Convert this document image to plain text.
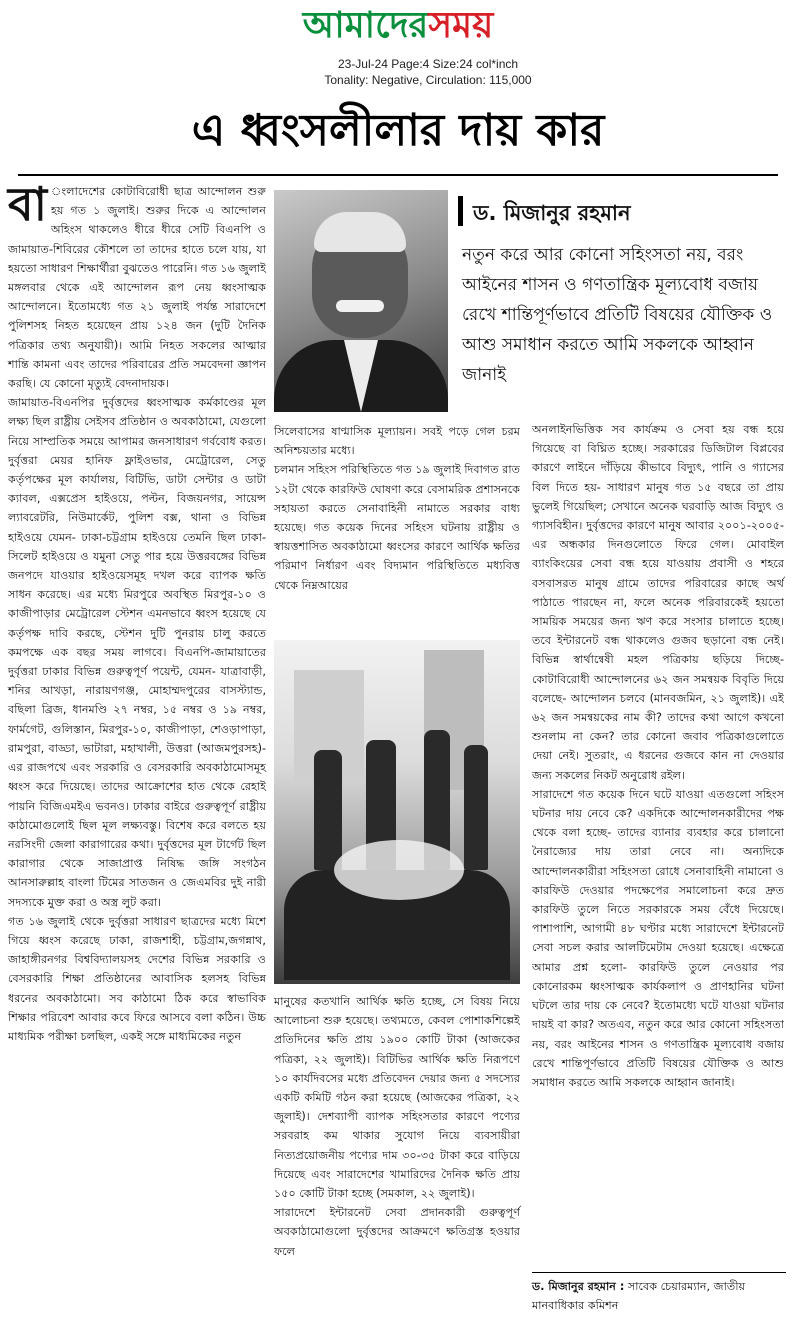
আমাদের সময়
23-Jul-24 Page:4 Size:24 col*inch
Tonality: Negative, Circulation: 115,000
এ ধ্বংসলীলার দায় কার

বা ংলাদেশের কোটাবিরোধী ছাত্র আন্দোলন শুরু হয় গত ১ জুলাই। শুরুর দিকে এ আন্দোলন অহিংস থাকলেও ধীরে ধীরে সেটি বিএনপি ও জামায়াত-শিবিরের কৌশলে তা তাদের হাতে চলে যায়, যা হয়তো সাধারণ শিক্ষার্থীরা বুঝতেও পারেনি। গত ১৬ জুলাই মঙ্গলবার থেকে এই আন্দোলন রূপ নেয় ধ্বংসাত্মক আন্দোলনে। ইতোমধ্যে গত ২১ জুলাই পর্যন্ত সারাদেশে পুলিশসহ নিহত হয়েছেন প্রায় ১২৪ জন (দুটি দৈনিক পত্রিকার তথ্য অনুযায়ী)। আমি নিহত সকলের আত্মার শান্তি কামনা এবং তাদের পরিবারের প্রতি সমবেদনা জ্ঞাপন করছি। যে কোনো মৃত্যুই বেদনাদায়ক।

জামায়াত-বিএনপির দুর্বৃত্তদের ধ্বংসাত্মক কর্মকাণ্ডের মূল লক্ষ্য ছিল রাষ্ট্রীয় সেইসব প্রতিষ্ঠান ও অবকাঠামো, যেগুলো নিয়ে সাম্প্রতিক সময়ে আপামর জনসাধারণ গর্ববোধ করত। দুর্বৃত্তরা মেয়র হানিফ ফ্লাইওভার, মেট্রোরেল, সেতু কর্তৃপক্ষের মূল কার্যালয়, বিটিভি, ডাটা সেন্টার ও ডাটা ক্যাবল, এক্সপ্রেস হাইওয়ে, পল্টন, বিজয়নগর, সায়েন্স ল্যাবরেটরি, নিউমার্কেট, পুলিশ বক্স, থানা ও বিভিন্ন হাইওয়ে যেমন- ঢাকা-চট্টগ্রাম হাইওয়ে তেমনি ছিল ঢাকা-সিলেট হাইওয়ে ও যমুনা সেতু পার হয়ে উত্তরবঙ্গের বিভিন্ন জনপদে যাওয়ার হাইওয়েসমূহ দখল করে ব্যাপক ক্ষতি সাধন করেছে। এর মধ্যে মিরপুরে অবস্থিত মিরপুর-১০ ও কাজীপাড়ার মেট্রোরেল স্টেশন এমনভাবে ধ্বংস হয়েছে যে কর্তৃপক্ষ দাবি করছে, স্টেশন দুটি পুনরায় চালু করতে কমপক্ষে এক বছর সময় লাগবে। বিএনপি-জামায়াতের দুর্বৃত্তরা ঢাকার বিভিন্ন গুরুত্বপূর্ণ পয়েন্ট, যেমন- যাত্রাবাড়ী, শনির আখড়া, নারায়ণগঞ্জ, মোহাম্মদপুরের বাসস্ট্যান্ড, বছিলা ব্রিজ, ধানমণ্ডি ২৭ নম্বর, ১৫ নম্বর ও ১৯ নম্বর, ফার্মগেট, গুলিস্তান, মিরপুর-১০, কাজীপাড়া, শেওড়াপাড়া, রামপুরা, বাড্ডা, ভাটারা, মহাখালী, উত্তরা (আজমপুরসহ)-এর রাজপথে এবং সরকারি ও বেসরকারি অবকাঠামোসমূহ ধ্বংস করে দিয়েছে। তাদের আক্রোশের হাত থেকে রেহাই পায়নি বিজিএমইএ ভবনও। ঢাকার বাইরে গুরুত্বপূর্ণ রাষ্ট্রীয় কাঠামোগুলোই ছিল মূল লক্ষ্যবস্তু। বিশেষ করে বলতে হয় নরসিংদী জেলা কারাগারের কথা। দুর্বৃত্তদের মূল টার্গেট ছিল কারাগার থেকে সাজাপ্রাপ্ত নিষিদ্ধ জঙ্গি সংগঠন আনসারুল্লাহ বাংলা টিমের সাতজন ও জেএমবির দুই নারী সদস্যকে মুক্ত করা ও অস্ত্র লুট করা।

গত ১৬ জুলাই থেকে দুর্বৃত্তরা সাধারণ ছাত্রদের মধ্যে মিশে গিয়ে ধ্বংস করেছে ঢাকা, রাজশাহী, চট্টগ্রাম,জগন্নাথ, জাহাঙ্গীরনগর বিশ্ববিদ্যালয়সহ দেশের বিভিন্ন সরকারি ও বেসরকারি শিক্ষা প্রতিষ্ঠানের আবাসিক হলসহ বিভিন্ন ধরনের অবকাঠামো। সব কাঠামো ঠিক করে স্বাভাবিক শিক্ষার পরিবেশ আবার কবে ফিরে আসবে বলা কঠিন। উচ্চ মাধ্যমিক পরীক্ষা চলছিল, একই সঙ্গে মাধ্যমিকের নতুন

ড. মিজানুর রহমান
নতুন করে আর কোনো সহিংসতা নয়, বরং আইনের শাসন ও গণতান্ত্রিক মূল্যবোধ বজায় রেখে শান্তিপূর্ণভাবে প্রতিটি বিষয়ের যৌক্তিক ও আশু সমাধান করতে আমি সকলকে আহ্বান জানাই

সিলেবাসের ষাণ্মাসিক মূল্যায়ন। সবই পড়ে গেল চরম অনিশ্চয়তার মধ্যে।

চলমান সহিংস পরিস্থিতিতে গত ১৯ জুলাই দিবাগত রাত ১২টা থেকে কারফিউ ঘোষণা করে বেসামরিক প্রশাসনকে সহায়তা করতে সেনাবাহিনী নামাতে সরকার বাধ্য হয়েছে। গত কয়েক দিনের সহিংস ঘটনায় রাষ্ট্রীয় ও স্বায়ত্তশাসিত অবকাঠামো ধ্বংসের কারণে আর্থিক ক্ষতির পরিমাণ নির্ধারণ এবং বিদ্যমান পরিস্থিতিতে মধ্যবিত্ত থেকে নিম্নআয়ের

মানুষের কতখানি আর্থিক ক্ষতি হচ্ছে, সে বিষয় নিয়ে আলোচনা শুরু হয়েছে। তথ্যমতে, কেবল পোশাকশিল্পেই প্রতিদিনের ক্ষতি প্রায় ১৯০০ কোটি টাকা (আজকের পত্রিকা, ২২ জুলাই)। বিটিভির আর্থিক ক্ষতি নিরূপণে ১০ কার্যদিবসের মধ্যে প্রতিবেদন দেয়ার জন্য ৫ সদস্যের একটি কমিটি গঠন করা হয়েছে (আজকের পত্রিকা, ২২ জুলাই)। দেশব্যাপী ব্যাপক সহিংসতার কারণে পণ্যের সরবরাহ কম থাকার সুযোগ নিয়ে ব্যবসায়ীরা নিত্যপ্রয়োজনীয় পণ্যের দাম ৩০-৩৫ টাকা করে বাড়িয়ে দিয়েছে এবং সারাদেশের খামারিদের দৈনিক ক্ষতি প্রায় ১৫০ কোটি টাকা হচ্ছে (সমকাল, ২২ জুলাই)।

সারাদেশে ইন্টারনেট সেবা প্রদানকারী গুরুত্বপূর্ণ অবকাঠামোগুলো দুর্বৃত্তদের আক্রমণে ক্ষতিগ্রস্ত হওয়ার ফলে

অনলাইনভিত্তিক সব কার্যক্রম ও সেবা হয় বন্ধ হয়ে গিয়েছে বা বিঘ্নিত হচ্ছে। সরকারের ডিজিটাল বিপ্লবের কারণে লাইনে দাঁড়িয়ে কীভাবে বিদ্যুৎ, পানি ও গ্যাসের বিল দিতে হয়- সাধারণ মানুষ গত ১৫ বছরে তা প্রায় ভুলেই গিয়েছিল; সেখানে অনেক ঘরবাড়ি আজ বিদ্যুৎ ও গ্যাসবিহীন। দুর্বৃত্তদের কারণে মানুষ আবার ২০০১-২০০৫-এর অন্ধকার দিনগুলোতে ফিরে গেল। মোবাইল ব্যাংকিংয়ের সেবা বন্ধ হয়ে যাওয়ায় প্রবাসী ও শহরে বসবাসরত মানুষ গ্রামে তাদের পরিবারের কাছে অর্থ পাঠাতে পারছেন না, ফলে অনেক পরিবারকেই হয়তো সাময়িক সময়ের জন্য ঋণ করে সংসার চালাতে হচ্ছে। তবে ইন্টারনেট বন্ধ থাকলেও গুজব ছড়ানো বন্ধ নেই। বিভিন্ন স্বার্থান্বেষী মহল পত্রিকায় ছড়িয়ে দিচ্ছে- কোটাবিরোধী আন্দোলনের ৬২ জন সমন্বয়ক বিবৃতি দিয়ে বলেছে- আন্দোলন চলবে (মানবজমিন, ২১ জুলাই)। এই ৬২ জন সমন্বয়কের নাম কী? তাদের কথা আগে কখনো শুনলাম না কেন? তার কোনো জবাব পত্রিকাগুলোতে দেয়া নেই। সুতরাং, এ ধরনের গুজবে কান না দেওয়ার জন্য সকলের নিকট অনুরোধ রইল।

সারাদেশে গত কয়েক দিনে ঘটে যাওয়া এতগুলো সহিংস ঘটনার দায় নেবে কে? একদিকে আন্দোলনকারীদের পক্ষ থেকে বলা হচ্ছে- তাদের ব্যানার ব্যবহার করে চালানো নৈরাজ্যের দায় তারা নেবে না। অন্যদিকে আন্দোলনকারীরা সহিংসতা রোধে সেনাবাহিনী নামানো ও কারফিউ দেওয়ার পদক্ষেপের সমালোচনা করে দ্রুত কারফিউ তুলে নিতে সরকারকে সময় বেঁধে দিয়েছে। পাশাপাশি, আগামী ৪৮ ঘণ্টার মধ্যে সারাদেশে ইন্টারনেট সেবা সচল করার আলটিমেটাম দেওয়া হয়েছে। এক্ষেত্রে আমার প্রশ্ন হলো- কারফিউ তুলে নেওয়ার পর কোনোরকম ধ্বংসাত্মক কার্যকলাপ ও প্রাণহানির ঘটনা ঘটলে তার দায় কে নেবে? ইতোমধ্যে ঘটে যাওয়া ঘটনার দায়ই বা কার? অতএব, নতুন করে আর কোনো সহিংসতা নয়, বরং আইনের শাসন ও গণতান্ত্রিক মূল্যবোধ বজায় রেখে শান্তিপূর্ণভাবে প্রতিটি বিষয়ের যৌক্তিক ও আশু সমাধান করতে আমি সকলকে আহ্বান জানাই।

ড. মিজানুর রহমান : সাবেক চেয়ারম্যান, জাতীয় মানবাধিকার কমিশন
